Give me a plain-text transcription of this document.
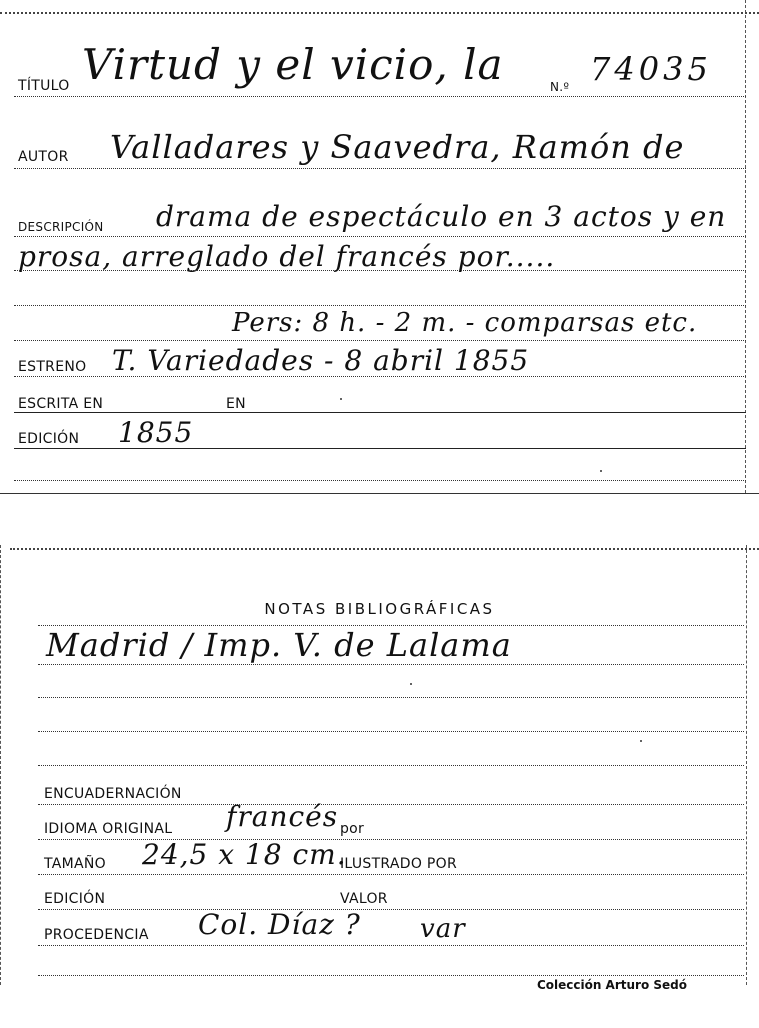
TÍTULO Virtud y el vicio, la	N.º 74035
AUTOR Valladares y Saavedra, Ramón de
DESCRIPCIÓN drama de espectáculo en 3 actos y en
prosa, arreglado del francés por.....
Pers: 8 h. - 2 m. - comparsas etc.
ESTRENO T. Variedades - 8 abril 1855
ESCRITA EN	EN
EDICIÓN 1855
NOTAS BIBLIOGRÁFICAS
Madrid / Imp. V. de Lalama
ENCUADERNACIÓN
IDIOMA ORIGINAL francés por
TAMAÑO 24,5 x 18 cm.
ILUSTRADO POR
EDICIÓN	VALOR
PROCEDENCIA Col. Díaz ? var
Colección Arturo Sedó
